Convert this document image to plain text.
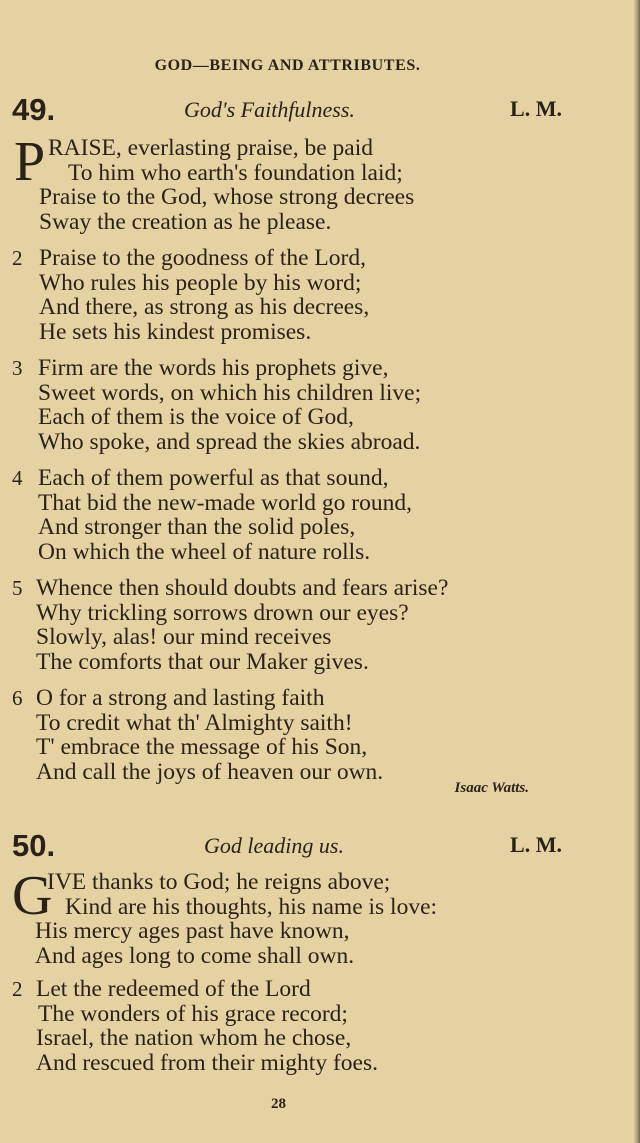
GOD—BEING AND ATTRIBUTES.
49.	God's Faithfulness.	L. M.
P RAISE, everlasting praise, be paid
To him who earth's foundation laid;
Praise to the God, whose strong decrees
Sway the creation as he please.
2 Praise to the goodness of the Lord,
Who rules his people by his word;
And there, as strong as his decrees,
He sets his kindest promises.
3 Firm are the words his prophets give,
Sweet words, on which his children live;
Each of them is the voice of God,
Who spoke, and spread the skies abroad.
4 Each of them powerful as that sound,
That bid the new-made world go round,
And stronger than the solid poles,
On which the wheel of nature rolls.
5 Whence then should doubts and fears arise?
Why trickling sorrows drown our eyes?
Slowly, alas! our mind receives
The comforts that our Maker gives.
6 O for a strong and lasting faith
To credit what th' Almighty saith!
T' embrace the message of his Son,
And call the joys of heaven our own.
Isaac Watts.
50.	God leading us.	L. M.
G
IVE thanks to God; he reigns above;
Kind are his thoughts, his name is love:
His mercy ages past have known,
And ages long to come shall own.
2 Let the redeemed of the Lord
The wonders of his grace record;
Israel, the nation whom he chose,
And rescued from their mighty foes.
28
